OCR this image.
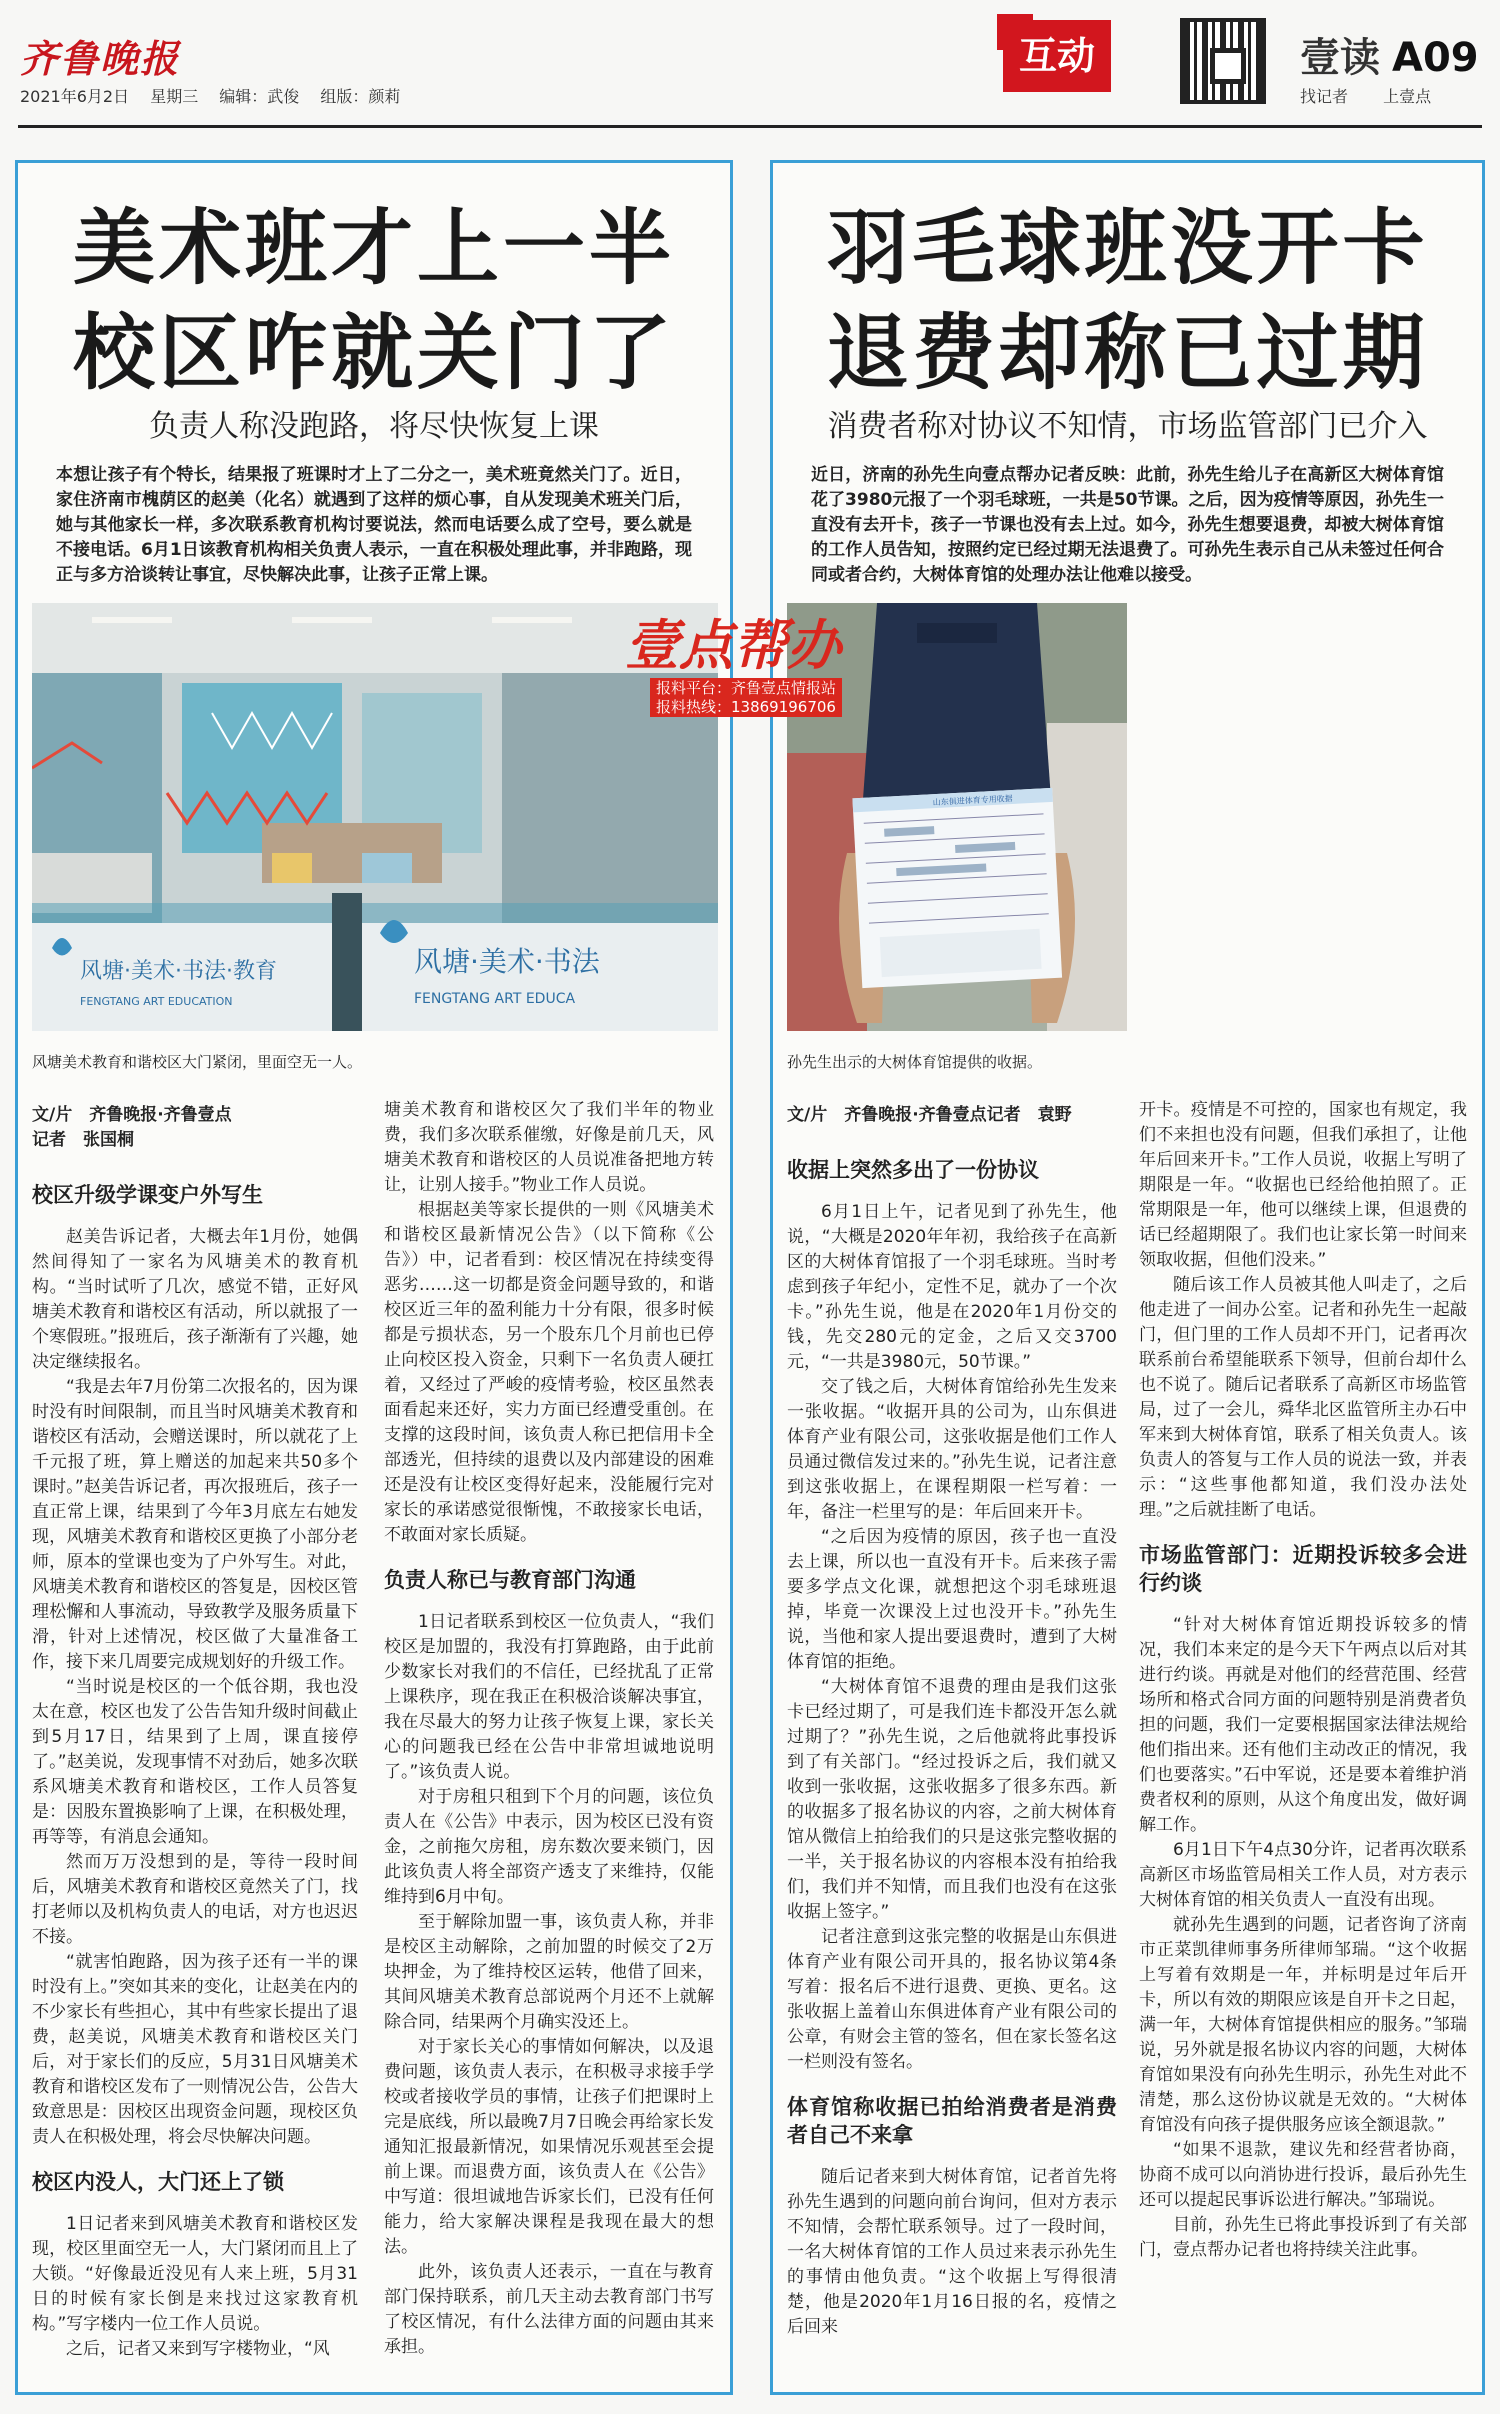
齐鲁晚报
2021年6月2日 星期三 编辑：武俊 组版：颜莉
互动	壹读 A09
找记者 上壹点
壹点帮办
报料平台：齐鲁壹点情报站
报料热线：13869196706
美术班才上一半
校区咋就关门了
负责人称没跑路，将尽快恢复上课
本想让孩子有个特长，结果报了班课时才上了二分之一，美术班竟然关门了。近日，家住济南市槐荫区的赵美（化名）就遇到了这样的烦心事，自从发现美术班关门后，她与其他家长一样，多次联系教育机构讨要说法，然而电话要么成了空号，要么就是不接电话。6月1日该教育机构相关负责人表示，一直在积极处理此事，并非跑路，现正与多方洽谈转让事宜，尽快解决此事，让孩子正常上课。
风塘·美术·书法·教育
FENGTANG ART EDUCATION
风塘·美术·书法
FENGTANG ART EDUCA
风塘美术教育和谐校区大门紧闭，里面空无一人。
文/片　齐鲁晚报·齐鲁壹点
记者　张国桐
校区升级学课变户外写生

赵美告诉记者，大概去年1月份，她偶然间得知了一家名为风塘美术的教育机构。“当时试听了几次，感觉不错，正好风塘美术教育和谐校区有活动，所以就报了一个寒假班。”报班后，孩子渐渐有了兴趣，她决定继续报名。

“我是去年7月份第二次报名的，因为课时没有时间限制，而且当时风塘美术教育和谐校区有活动，会赠送课时，所以就花了上千元报了班，算上赠送的加起来共50多个课时。”赵美告诉记者，再次报班后，孩子一直正常上课，结果到了今年3月底左右她发现，风塘美术教育和谐校区更换了小部分老师，原本的堂课也变为了户外写生。对此，风塘美术教育和谐校区的答复是，因校区管理松懈和人事流动，导致教学及服务质量下滑，针对上述情况，校区做了大量准备工作，接下来几周要完成规划好的升级工作。

“当时说是校区的一个低谷期，我也没太在意，校区也发了公告告知升级时间截止到5月17日，结果到了上周，课直接停了。”赵美说，发现事情不对劲后，她多次联系风塘美术教育和谐校区，工作人员答复是：因股东置换影响了上课，在积极处理，再等等，有消息会通知。

然而万万没想到的是，等待一段时间后，风塘美术教育和谐校区竟然关了门，找打老师以及机构负责人的电话，对方也迟迟不接。

“就害怕跑路，因为孩子还有一半的课时没有上。”突如其来的变化，让赵美在内的不少家长有些担心，其中有些家长提出了退费，赵美说，风塘美术教育和谐校区关门后，对于家长们的反应，5月31日风塘美术教育和谐校区发布了一则情况公告，公告大致意思是：因校区出现资金问题，现校区负责人在积极处理，将会尽快解决问题。

校区内没人，大门还上了锁

1日记者来到风塘美术教育和谐校区发现，校区里面空无一人，大门紧闭而且上了大锁。“好像最近没见有人来上班，5月31日的时候有家长倒是来找过这家教育机构。”写字楼内一位工作人员说。

之后，记者又来到写字楼物业，“风

塘美术教育和谐校区欠了我们半年的物业费，我们多次联系催缴，好像是前几天，风塘美术教育和谐校区的人员说准备把地方转让，让别人接手。”物业工作人员说。

根据赵美等家长提供的一则《风塘美术和谐校区最新情况公告》（以下简称《公告》）中，记者看到：校区情况在持续变得恶劣……这一切都是资金问题导致的，和谐校区近三年的盈利能力十分有限，很多时候都是亏损状态，另一个股东几个月前也已停止向校区投入资金，只剩下一名负责人硬扛着，又经过了严峻的疫情考验，校区虽然表面看起来还好，实力方面已经遭受重创。在支撑的这段时间，该负责人称已把信用卡全部透光，但持续的退费以及内部建设的困难还是没有让校区变得好起来，没能履行完对家长的承诺感觉很惭愧，不敢接家长电话，不敢面对家长质疑。

负责人称已与教育部门沟通

1日记者联系到校区一位负责人，“我们校区是加盟的，我没有打算跑路，由于此前少数家长对我们的不信任，已经扰乱了正常上课秩序，现在我正在积极洽谈解决事宜，我在尽最大的努力让孩子恢复上课，家长关心的问题我已经在公告中非常坦诚地说明了。”该负责人说。

对于房租只租到下个月的问题，该位负责人在《公告》中表示，因为校区已没有资金，之前拖欠房租，房东数次要来锁门，因此该负责人将全部资产透支了来维持，仅能维持到6月中旬。

至于解除加盟一事，该负责人称，并非是校区主动解除，之前加盟的时候交了2万块押金，为了维持校区运转，他借了回来，其间风塘美术教育总部说两个月还不上就解除合同，结果两个月确实没还上。

对于家长关心的事情如何解决，以及退费问题，该负责人表示，在积极寻求接手学校或者接收学员的事情，让孩子们把课时上完是底线，所以最晚7月7日晚会再给家长发通知汇报最新情况，如果情况乐观甚至会提前上课。而退费方面，该负责人在《公告》中写道：很坦诚地告诉家长们，已没有任何能力，给大家解决课程是我现在最大的想法。

此外，该负责人还表示，一直在与教育部门保持联系，前几天主动去教育部门书写了校区情况，有什么法律方面的问题由其来承担。

羽毛球班没开卡
退费却称已过期
消费者称对协议不知情，市场监管部门已介入
近日，济南的孙先生向壹点帮办记者反映：此前，孙先生给儿子在高新区大树体育馆花了3980元报了一个羽毛球班，一共是50节课。之后，因为疫情等原因，孙先生一直没有去开卡，孩子一节课也没有去上过。如今，孙先生想要退费，却被大树体育馆的工作人员告知，按照约定已经过期无法退费了。可孙先生表示自己从未签过任何合同或者合约，大树体育馆的处理办法让他难以接受。
山东俱进体育专用收据
孙先生出示的大树体育馆提供的收据。
文/片　齐鲁晚报·齐鲁壹点记者　袁野
收据上突然多出了一份协议

6月1日上午，记者见到了孙先生，他说，“大概是2020年年初，我给孩子在高新区的大树体育馆报了一个羽毛球班。当时考虑到孩子年纪小，定性不足，就办了一个次卡。”孙先生说，他是在2020年1月份交的钱，先交280元的定金，之后又交3700元，“一共是3980元，50节课。”

交了钱之后，大树体育馆给孙先生发来一张收据。“收据开具的公司为，山东俱进体育产业有限公司，这张收据是他们工作人员通过微信发过来的。”孙先生说，记者注意到这张收据上，在课程期限一栏写着：一年，备注一栏里写的是：年后回来开卡。

“之后因为疫情的原因，孩子也一直没去上课，所以也一直没有开卡。后来孩子需要多学点文化课，就想把这个羽毛球班退掉，毕竟一次课没上过也没开卡。”孙先生说，当他和家人提出要退费时，遭到了大树体育馆的拒绝。

“大树体育馆不退费的理由是我们这张卡已经过期了，可是我们连卡都没开怎么就过期了？”孙先生说，之后他就将此事投诉到了有关部门。“经过投诉之后，我们就又收到一张收据，这张收据多了很多东西。新的收据多了报名协议的内容，之前大树体育馆从微信上拍给我们的只是这张完整收据的一半，关于报名协议的内容根本没有拍给我们，我们并不知情，而且我们也没有在这张收据上签字。”

记者注意到这张完整的收据是山东俱进体育产业有限公司开具的，报名协议第4条写着：报名后不进行退费、更换、更名。这张收据上盖着山东俱进体育产业有限公司的公章，有财会主管的签名，但在家长签名这一栏则没有签名。

体育馆称收据已拍给消费者是消费者自己不来拿

随后记者来到大树体育馆，记者首先将孙先生遇到的问题向前台询问，但对方表示不知情，会帮忙联系领导。过了一段时间，一名大树体育馆的工作人员过来表示孙先生的事情由他负责。“这个收据上写得很清楚，他是2020年1月16日报的名，疫情之后回来

开卡。疫情是不可控的，国家也有规定，我们不来担也没有问题，但我们承担了，让他年后回来开卡。”工作人员说，收据上写明了期限是一年。“收据也已经给他拍照了。正常期限是一年，他可以继续上课，但退费的话已经超期限了。我们也让家长第一时间来领取收据，但他们没来。”

随后该工作人员被其他人叫走了，之后他走进了一间办公室。记者和孙先生一起敲门，但门里的工作人员却不开门，记者再次联系前台希望能联系下领导，但前台却什么也不说了。随后记者联系了高新区市场监管局，过了一会儿，舜华北区监管所主办石中军来到大树体育馆，联系了相关负责人。该负责人的答复与工作人员的说法一致，并表示：“这些事他都知道，我们没办法处理。”之后就挂断了电话。

市场监管部门：近期投诉较多会进行约谈

“针对大树体育馆近期投诉较多的情况，我们本来定的是今天下午两点以后对其进行约谈。再就是对他们的经营范围、经营场所和格式合同方面的问题特别是消费者负担的问题，我们一定要根据国家法律法规给他们指出来。还有他们主动改正的情况，我们也要落实。”石中军说，还是要本着维护消费者权利的原则，从这个角度出发，做好调解工作。

6月1日下午4点30分许，记者再次联系高新区市场监管局相关工作人员，对方表示大树体育馆的相关负责人一直没有出现。

就孙先生遇到的问题，记者咨询了济南市正菜凯律师事务所律师邹瑞。“这个收据上写着有效期是一年，并标明是过年后开卡，所以有效的期限应该是自开卡之日起，满一年，大树体育馆提供相应的服务。”邹瑞说，另外就是报名协议内容的问题，大树体育馆如果没有向孙先生明示，孙先生对此不清楚，那么这份协议就是无效的。“大树体育馆没有向孩子提供服务应该全额退款。”

“如果不退款，建议先和经营者协商，协商不成可以向消协进行投诉，最后孙先生还可以提起民事诉讼进行解决。”邹瑞说。

目前，孙先生已将此事投诉到了有关部门，壹点帮办记者也将持续关注此事。
